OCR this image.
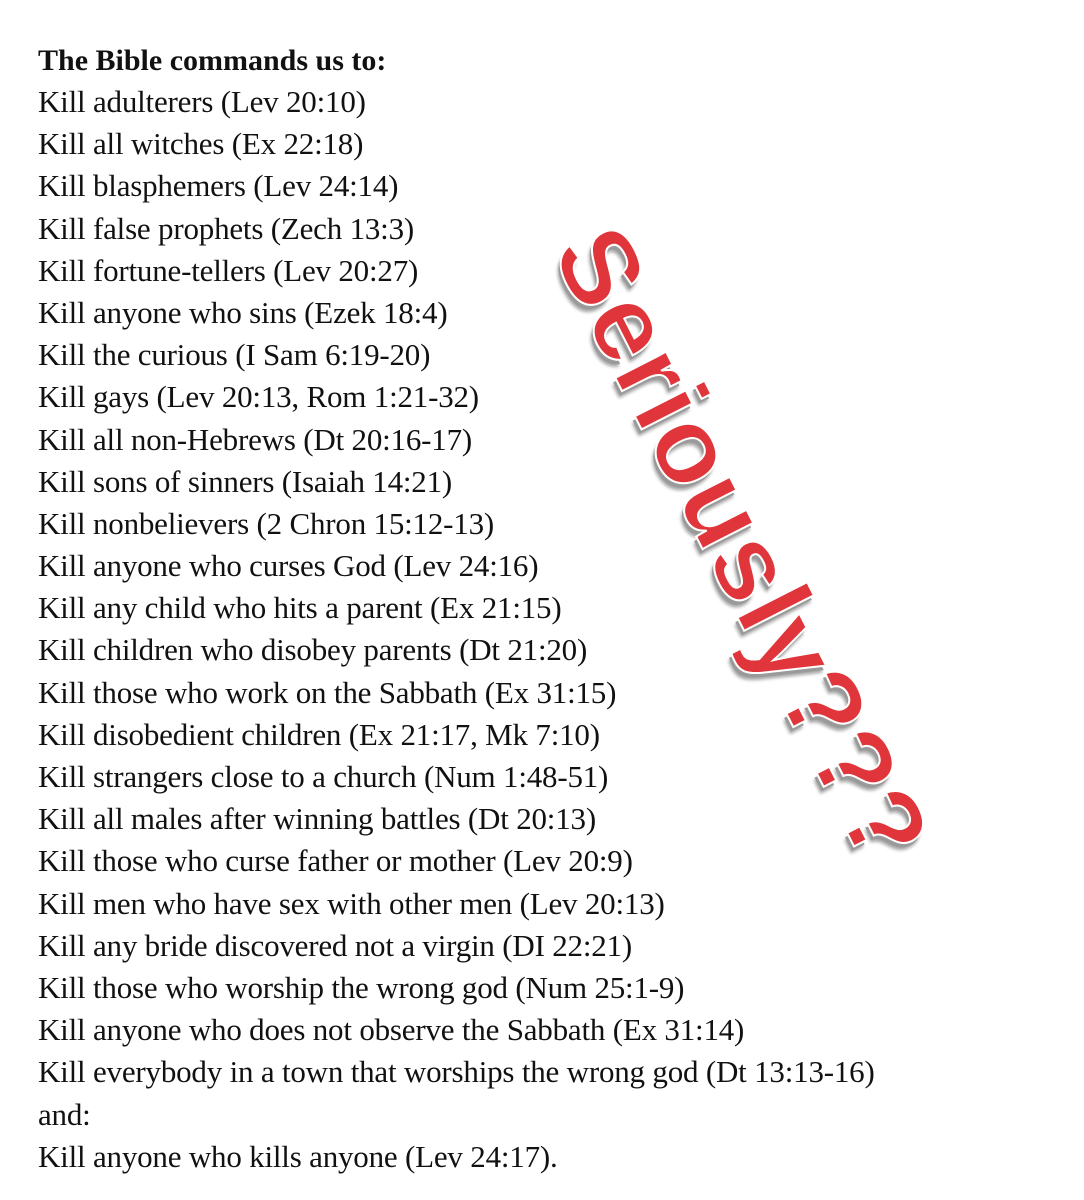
The Bible commands us to:
Kill adulterers (Lev 20:10)
Kill all witches (Ex 22:18)
Kill blasphemers (Lev 24:14)
Kill false prophets (Zech 13:3)
Kill fortune-tellers (Lev 20:27)
Kill anyone who sins (Ezek 18:4)
Kill the curious (I Sam 6:19-20)
Kill gays (Lev 20:13, Rom 1:21-32)
Kill all non-Hebrews (Dt 20:16-17)
Kill sons of sinners (Isaiah 14:21)
Kill nonbelievers (2 Chron 15:12-13)
Kill anyone who curses God (Lev 24:16)
Kill any child who hits a parent (Ex 21:15)
Kill children who disobey parents (Dt 21:20)
Kill those who work on the Sabbath (Ex 31:15)
Kill disobedient children (Ex 21:17, Mk 7:10)
Kill strangers close to a church (Num 1:48-51)
Kill all males after winning battles (Dt 20:13)
Kill those who curse father or mother (Lev 20:9)
Kill men who have sex with other men (Lev 20:13)
Kill any bride discovered not a virgin (DI 22:21)
Kill those who worship the wrong god (Num 25:1-9)
Kill anyone who does not observe the Sabbath (Ex 31:14)
Kill everybody in a town that worships the wrong god (Dt 13:13-16)
and:
Kill anyone who kills anyone (Lev 24:17).
Seriously???
